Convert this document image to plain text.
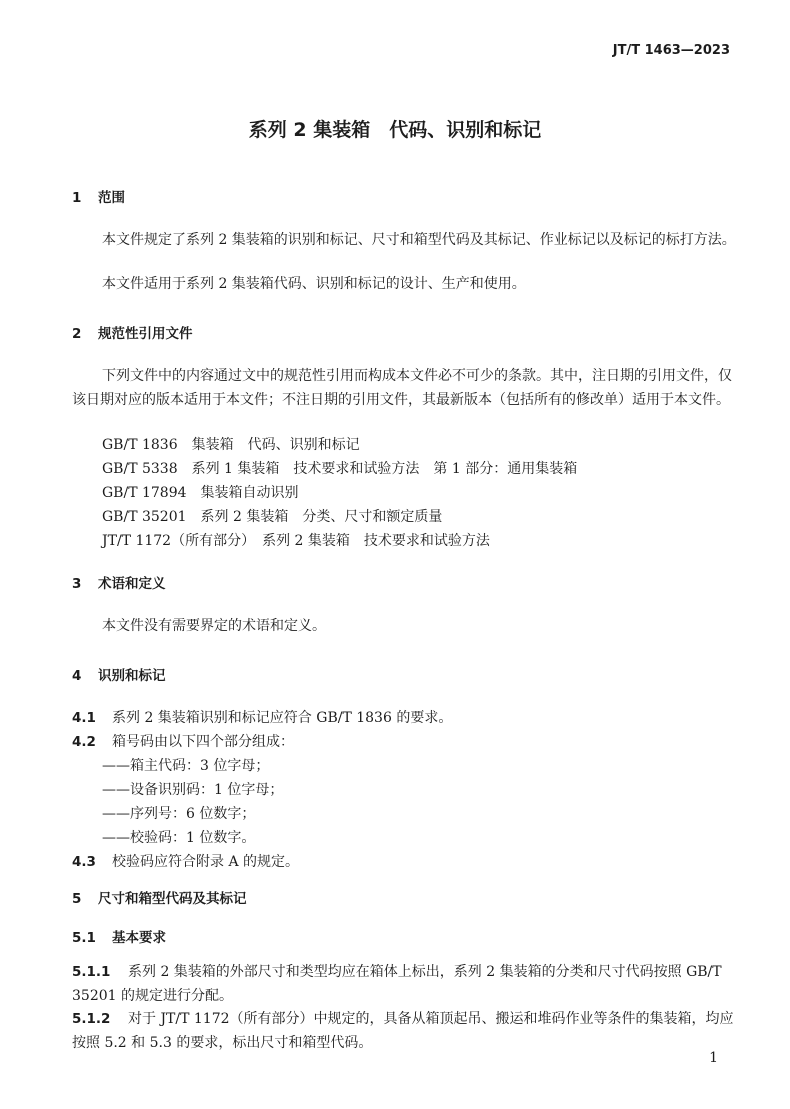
JT/T 1463—2023
系列 2 集装箱　代码、识别和标记
1 范围
本文件规定了系列 2 集装箱的识别和标记、尺寸和箱型代码及其标记、作业标记以及标记的标打方法。
本文件适用于系列 2 集装箱代码、识别和标记的设计、生产和使用。
2 规范性引用文件
下列文件中的内容通过文中的规范性引用而构成本文件必不可少的条款。其中，注日期的引用文件，仅该日期对应的版本适用于本文件；不注日期的引用文件，其最新版本（包括所有的修改单）适用于本文件。
GB/T 1836　集装箱　代码、识别和标记
GB/T 5338　系列 1 集装箱　技术要求和试验方法　第 1 部分：通用集装箱
GB/T 17894　集装箱自动识别
GB/T 35201　系列 2 集装箱　分类、尺寸和额定质量
JT/T 1172（所有部分）　系列 2 集装箱　技术要求和试验方法
3 术语和定义
本文件没有需要界定的术语和定义。
4 识别和标记
4.1 系列 2 集装箱识别和标记应符合 GB/T 1836 的要求。
4.2 箱号码由以下四个部分组成：
——箱主代码：3 位字母；
——设备识别码：1 位字母；
——序列号：6 位数字；
——校验码：1 位数字。
4.3 校验码应符合附录 A 的规定。
5 尺寸和箱型代码及其标记
5.1 基本要求
5.1.1 系列 2 集装箱的外部尺寸和类型均应在箱体上标出，系列 2 集装箱的分类和尺寸代码按照 GB/T 35201 的规定进行分配。
5.1.2 对于 JT/T 1172（所有部分）中规定的，具备从箱顶起吊、搬运和堆码作业等条件的集装箱，均应按照 5.2 和 5.3 的要求，标出尺寸和箱型代码。
1
